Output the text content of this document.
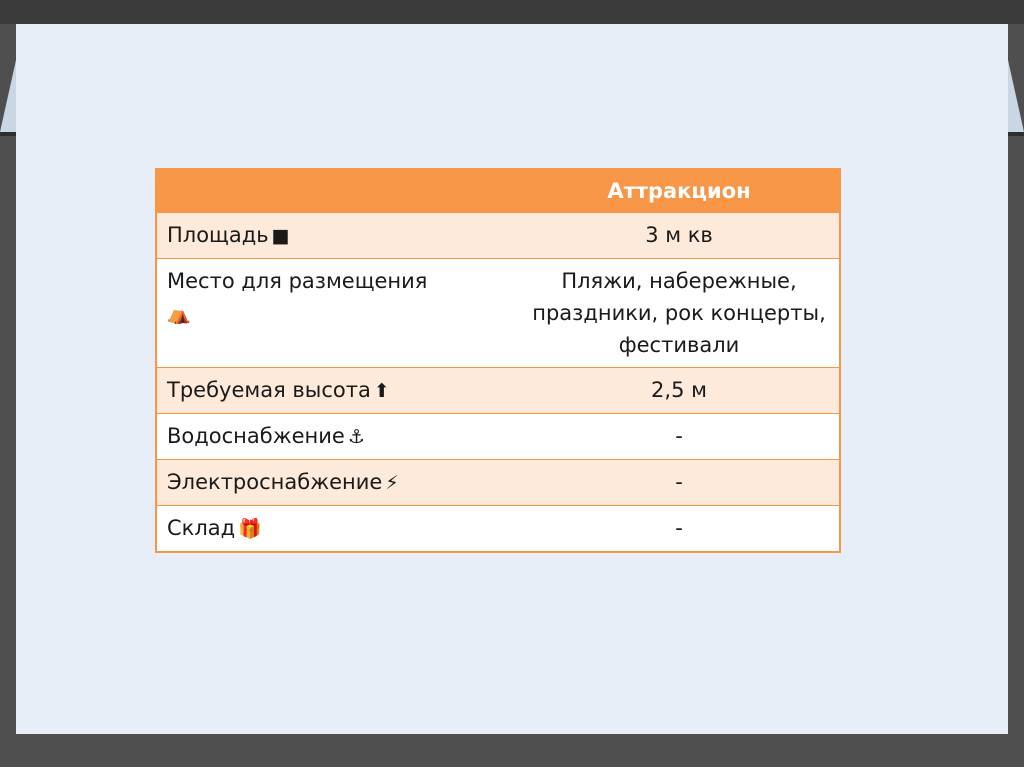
	Аттракцион
Площадь ■	3 м кв
Место для размещения
⛺	Пляжи, набережные, праздники, рок концерты, фестивали
Требуемая высота ⬆	2,5 м
Водоснабжение ⚓	-
Электроснабжение ⚡	-
Склад 🎁	-
